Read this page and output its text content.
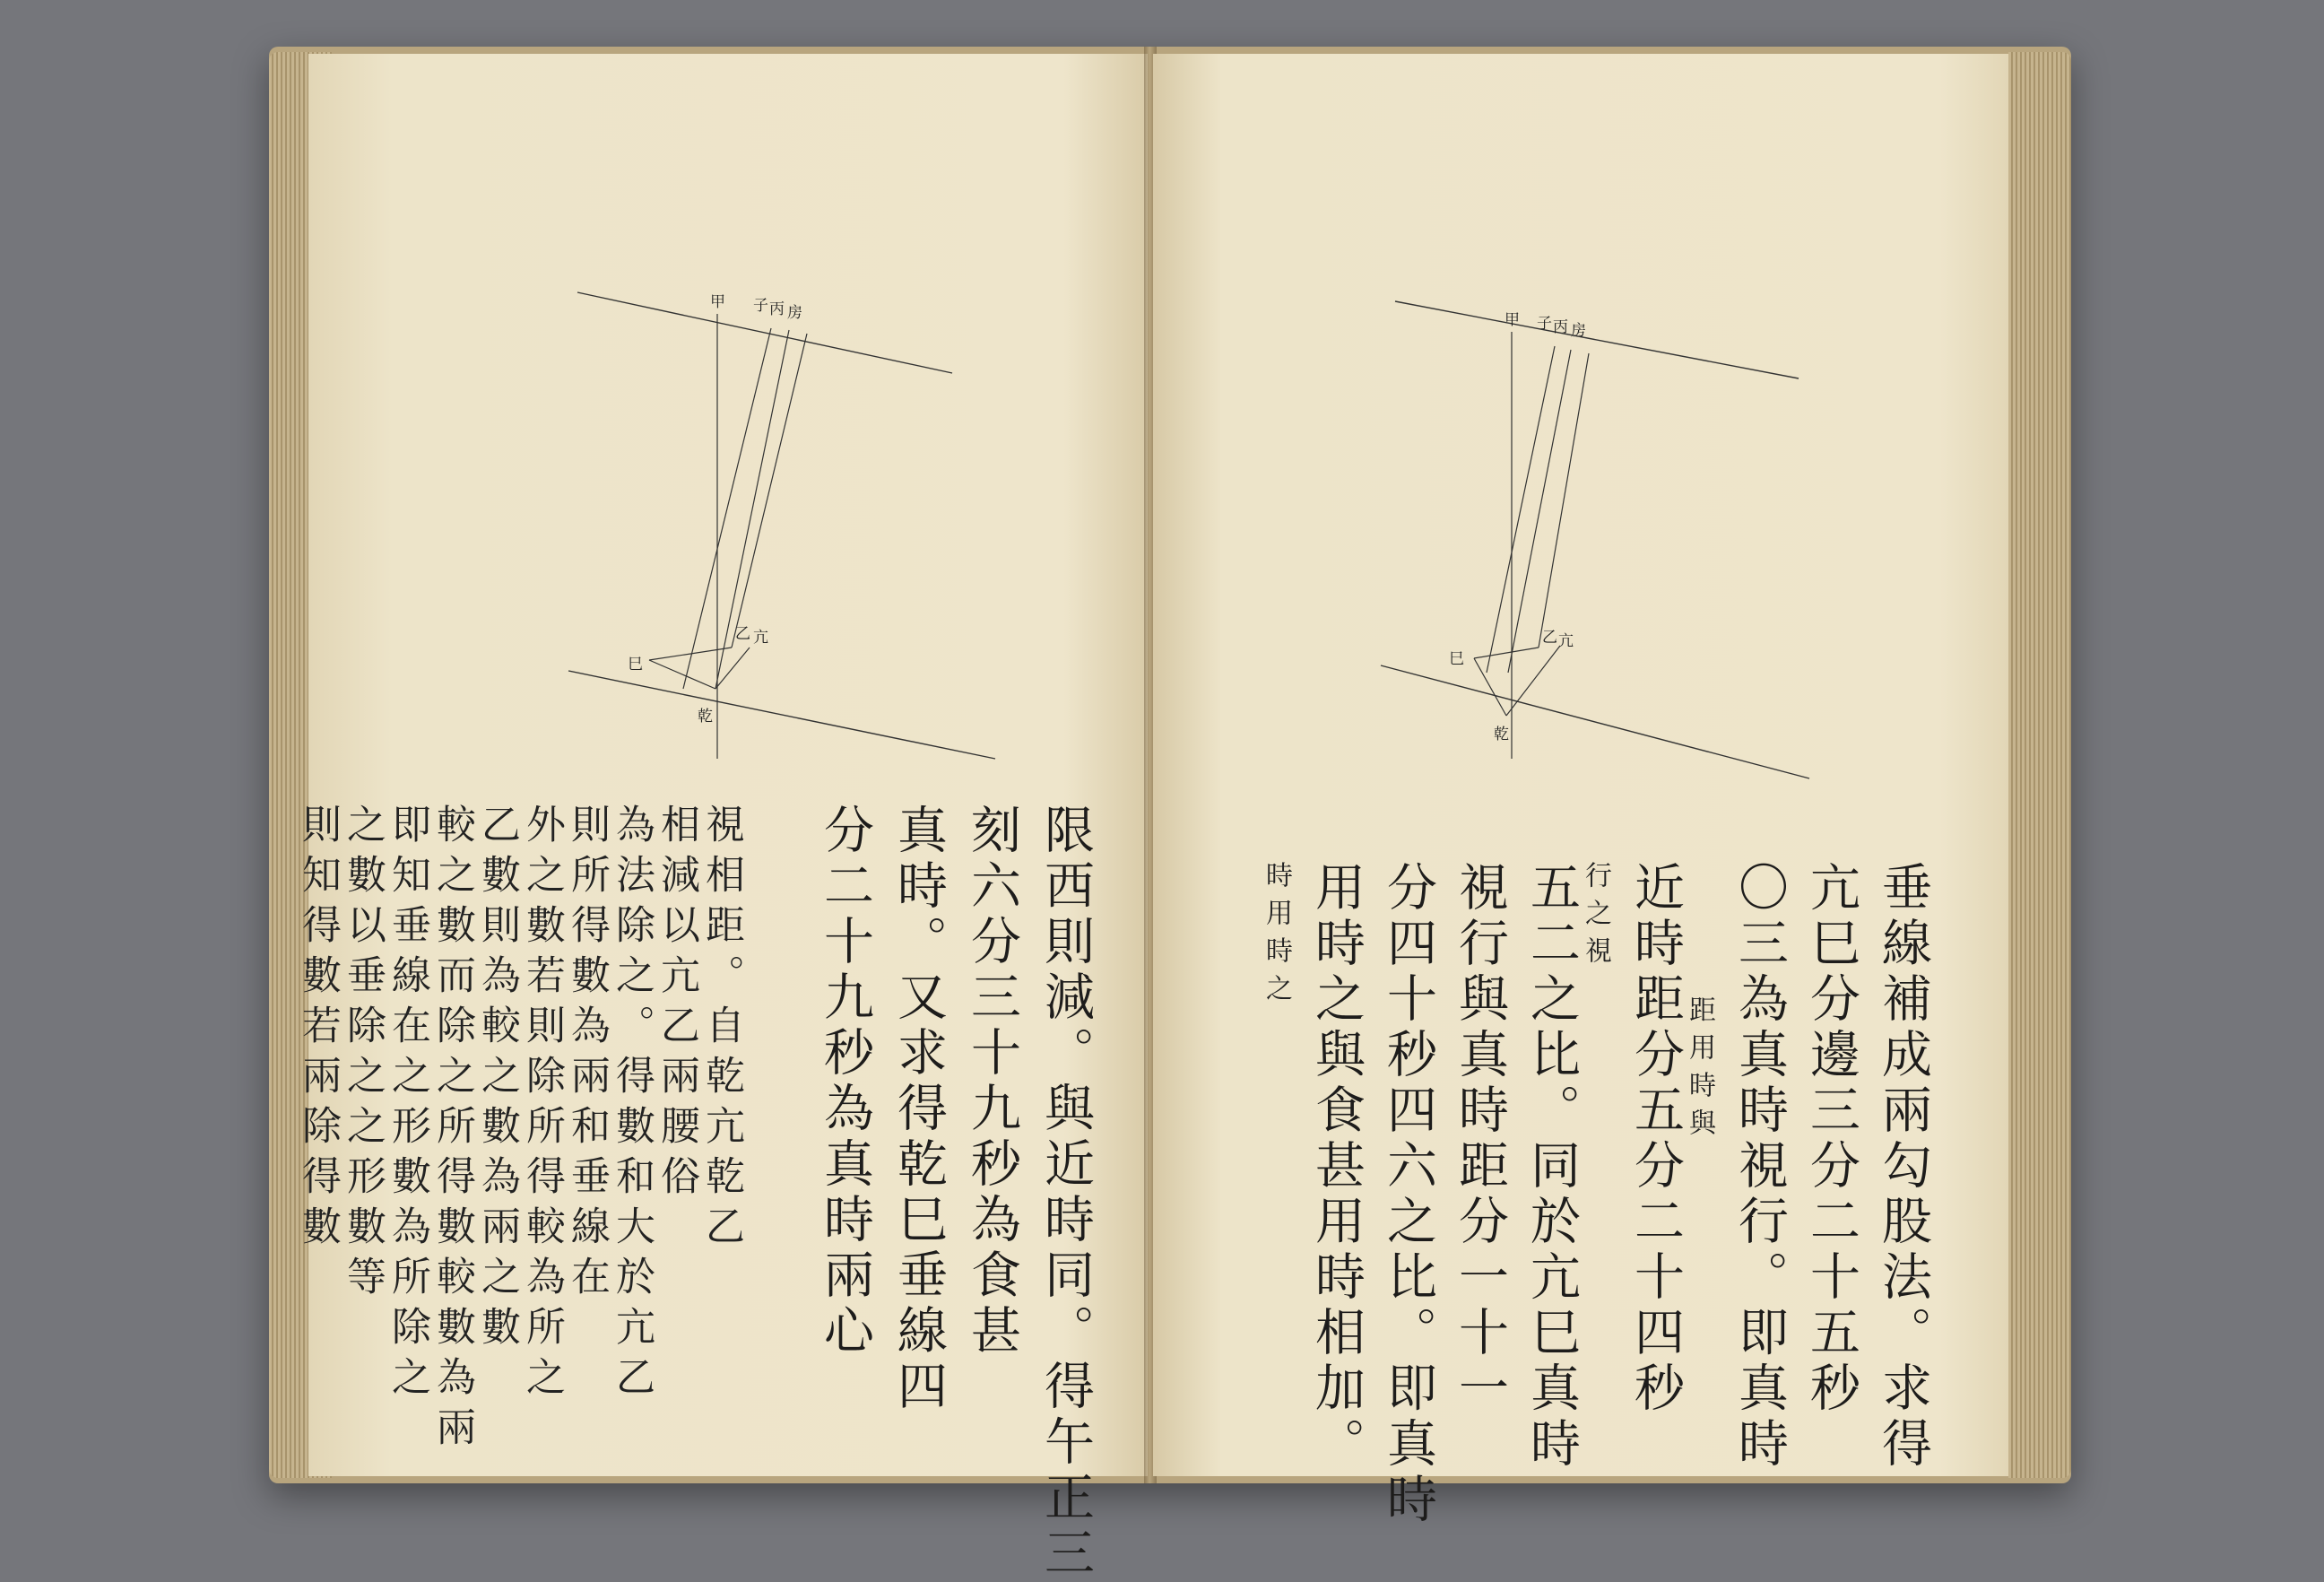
甲 子 丙 房
乙 亢
巳
乾
限西則減。與近時同。得午正三
刻六分三十九秒為食甚
真時。又求得乾巳垂線四
分二十九秒為真時兩心
視相距。自乾亢乾乙
相減以亢乙兩腰俗
為法除之。得數和大於亢乙
則所得數為兩和垂線在
外之數若則除所得較為所之
乙數則為較之數為兩之數
較之數而除之所得數較數為兩
即知垂線在之形數為所除之
之數以垂除之之形數等
則知得數若兩除得數
甲 子 丙 房
乙 亢
巳
乾
垂線補成兩勾股法。求得
亢巳分邊三分二十五秒
〇三為真時視行。即真時
距用時與
近時距分五分二十四秒
行之視
五二之比。同於亢巳真時
視行與真時距分一十一
分四十秒四六之比。即真時
用時之與食甚用時相加。
時用時之
